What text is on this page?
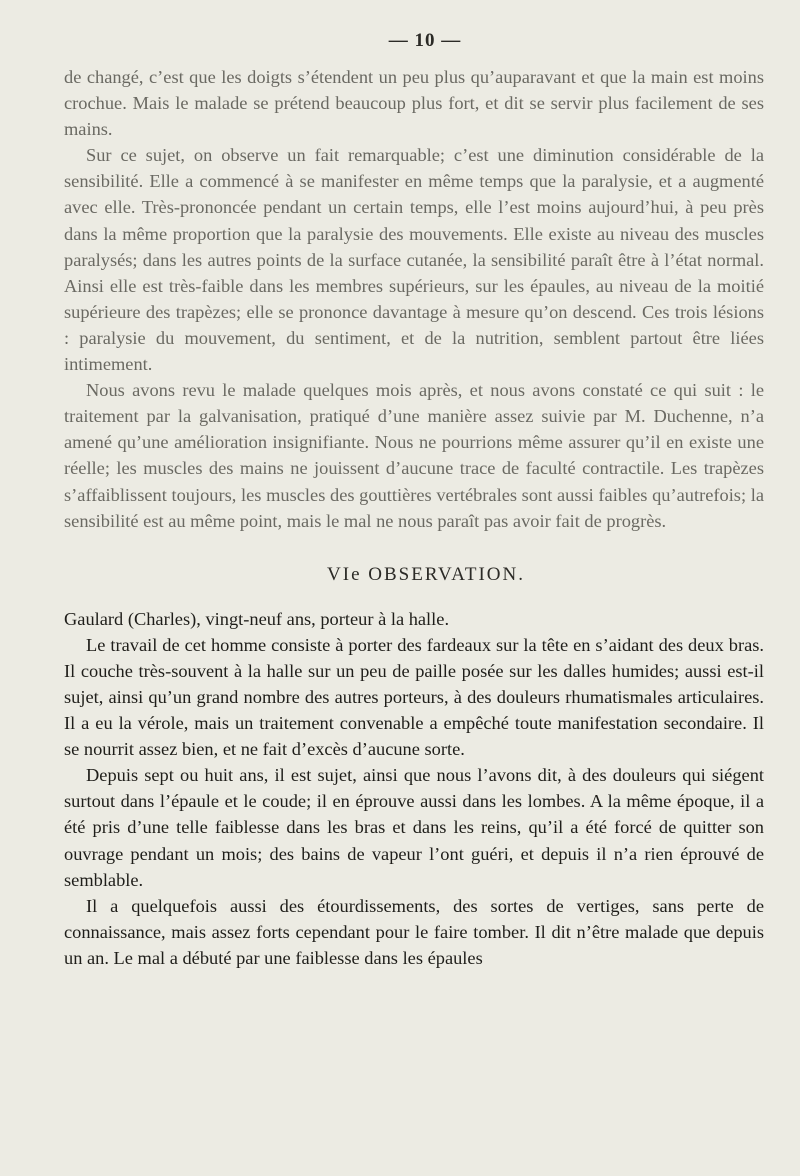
— 10 —

de changé, c’est que les doigts s’étendent un peu plus qu’auparavant et que la main est moins crochue. Mais le malade se prétend beaucoup plus fort, et dit se servir plus facilement de ses mains.

Sur ce sujet, on observe un fait remarquable; c’est une diminution considérable de la sensibilité. Elle a commencé à se manifester en même temps que la paralysie, et a augmenté avec elle. Très-prononcée pendant un certain temps, elle l’est moins aujourd’hui, à peu près dans la même proportion que la paralysie des mouvements. Elle existe au niveau des muscles paralysés; dans les autres points de la surface cutanée, la sensibilité paraît être à l’état normal. Ainsi elle est très-faible dans les membres supérieurs, sur les épaules, au niveau de la moitié supérieure des trapèzes; elle se prononce davantage à mesure qu’on descend. Ces trois lésions : paralysie du mouvement, du sentiment, et de la nutrition, semblent partout être liées intimement.

Nous avons revu le malade quelques mois après, et nous avons constaté ce qui suit : le traitement par la galvanisation, pratiqué d’une manière assez suivie par M. Duchenne, n’a amené qu’une amélioration insignifiante. Nous ne pourrions même assurer qu’il en existe une réelle; les muscles des mains ne jouissent d’aucune trace de faculté contractile. Les trapèzes s’affaiblissent toujours, les muscles des gouttières vertébrales sont aussi faibles qu’autrefois; la sensibilité est au même point, mais le mal ne nous paraît pas avoir fait de progrès.

VIe OBSERVATION.

Gaulard (Charles), vingt-neuf ans, porteur à la halle.

Le travail de cet homme consiste à porter des fardeaux sur la tête en s’aidant des deux bras. Il couche très-souvent à la halle sur un peu de paille posée sur les dalles humides; aussi est-il sujet, ainsi qu’un grand nombre des autres porteurs, à des douleurs rhumatismales articulaires. Il a eu la vérole, mais un traitement convenable a empêché toute manifestation secondaire. Il se nourrit assez bien, et ne fait d’excès d’aucune sorte.

Depuis sept ou huit ans, il est sujet, ainsi que nous l’avons dit, à des douleurs qui siégent surtout dans l’épaule et le coude; il en éprouve aussi dans les lombes. A la même époque, il a été pris d’une telle faiblesse dans les bras et dans les reins, qu’il a été forcé de quitter son ouvrage pendant un mois; des bains de vapeur l’ont guéri, et depuis il n’a rien éprouvé de semblable.

Il a quelquefois aussi des étourdissements, des sortes de vertiges, sans perte de connaissance, mais assez forts cependant pour le faire tomber. Il dit n’être malade que depuis un an. Le mal a débuté par une faiblesse dans les épaules
